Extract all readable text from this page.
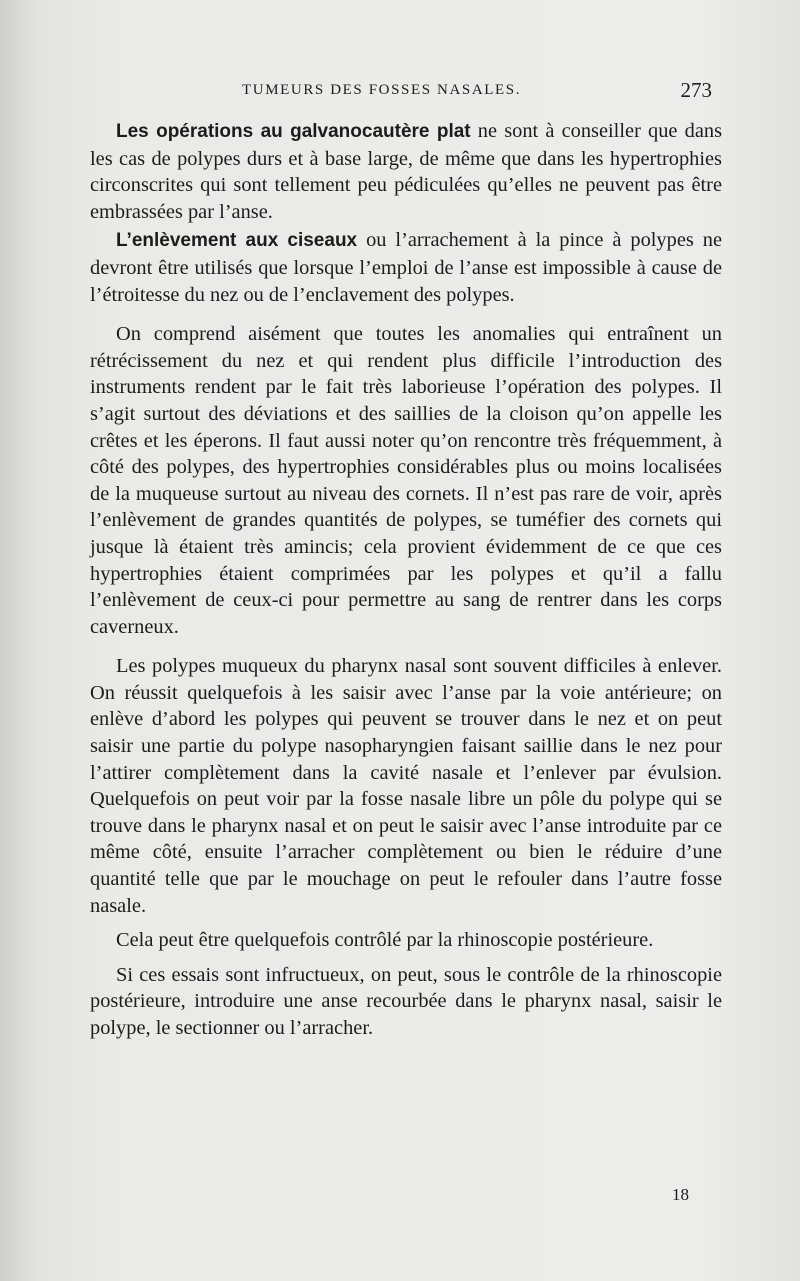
TUMEURS DES FOSSES NASALES.	273

Les opérations au galvanocautère plat ne sont à conseiller que dans les cas de polypes durs et à base large, de même que dans les hypertrophies circonscrites qui sont tellement peu pédiculées qu’elles ne peuvent pas être embrassées par l’anse.

L’enlèvement aux ciseaux ou l’arrachement à la pince à polypes ne devront être utilisés que lorsque l’emploi de l’anse est impossible à cause de l’étroitesse du nez ou de l’enclavement des polypes.

On comprend aisément que toutes les anomalies qui entraînent un rétrécissement du nez et qui rendent plus difficile l’introduction des instruments rendent par le fait très laborieuse l’opération des polypes. Il s’agit surtout des déviations et des saillies de la cloison qu’on appelle les crêtes et les éperons. Il faut aussi noter qu’on rencontre très fréquemment, à côté des polypes, des hypertrophies considérables plus ou moins localisées de la muqueuse surtout au niveau des cornets. Il n’est pas rare de voir, après l’enlèvement de grandes quantités de polypes, se tuméfier des cornets qui jusque là étaient très amincis; cela provient évidemment de ce que ces hypertrophies étaient comprimées par les polypes et qu’il a fallu l’enlèvement de ceux-ci pour permettre au sang de rentrer dans les corps caverneux.

Les polypes muqueux du pharynx nasal sont souvent difficiles à enlever. On réussit quelquefois à les saisir avec l’anse par la voie antérieure; on enlève d’abord les polypes qui peuvent se trouver dans le nez et on peut saisir une partie du polype nasopharyngien faisant saillie dans le nez pour l’attirer complètement dans la cavité nasale et l’enlever par évulsion. Quelquefois on peut voir par la fosse nasale libre un pôle du polype qui se trouve dans le pharynx nasal et on peut le saisir avec l’anse introduite par ce même côté, ensuite l’arracher complètement ou bien le réduire d’une quantité telle que par le mouchage on peut le refouler dans l’autre fosse nasale.

Cela peut être quelquefois contrôlé par la rhinoscopie postérieure.

Si ces essais sont infructueux, on peut, sous le contrôle de la rhinoscopie postérieure, introduire une anse recourbée dans le pharynx nasal, saisir le polype, le sectionner ou l’arracher.

18
